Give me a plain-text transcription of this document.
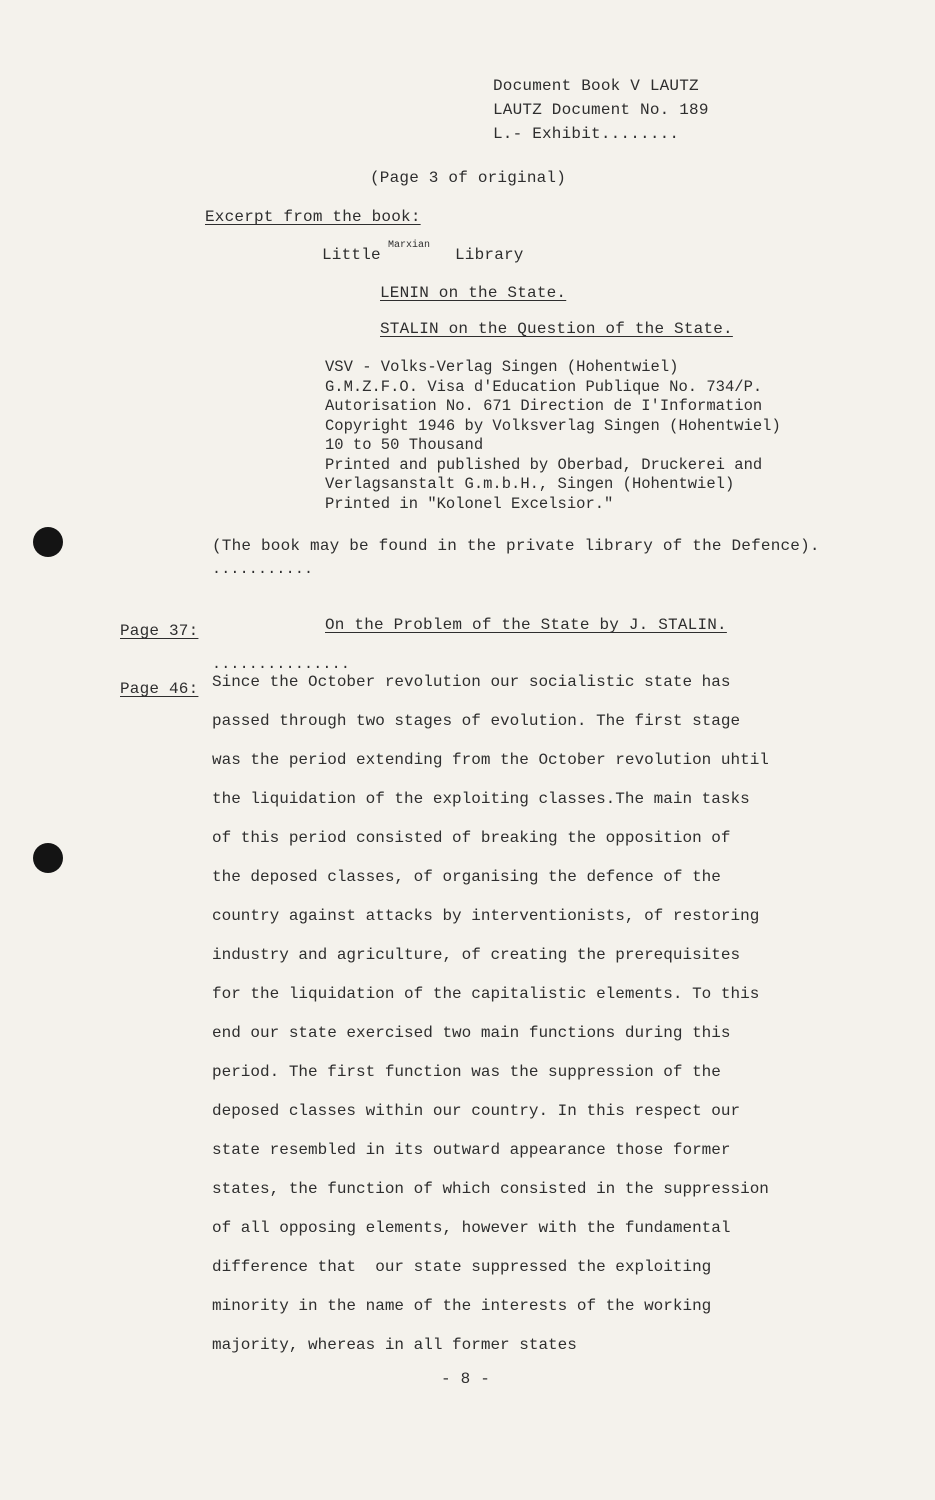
Document Book V LAUTZ
LAUTZ Document No. 189
L.- Exhibit........
(Page 3 of original)
Excerpt from the book:
Little
Marxian
Library
LENIN on the State.
STALIN on the Question of the State.
VSV - Volks-Verlag Singen (Hohentwiel)
G.M.Z.F.O. Visa d'Education Publique No. 734/P.
Autorisation No. 671 Direction de I'Information
Copyright 1946 by Volksverlag Singen (Hohentwiel)
10 to 50 Thousand
Printed and published by Oberbad, Druckerei and
Verlagsanstalt G.m.b.H., Singen (Hohentwiel)
Printed in "Kolonel Excelsior."
(The book may be found in the private library of the Defence).
...........
Page 37:	On the Problem of the State by J. STALIN.
...............
Page 46: Since the October revolution our socialistic state has
passed through two stages of evolution. The first stage
was the period extending from the October revolution uhtil
the liquidation of the exploiting classes.The main tasks
of this period consisted of breaking the opposition of
the deposed classes, of organising the defence of the
country against attacks by interventionists, of restoring
industry and agriculture, of creating the prerequisites
for the liquidation of the capitalistic elements. To this
end our state exercised two main functions during this
period. The first function was the suppression of the
deposed classes within our country. In this respect our
state resembled in its outward appearance those former
states, the function of which consisted in the suppression
of all opposing elements, however with the fundamental
difference that  our state suppressed the exploiting
minority in the name of the interests of the working
majority, whereas in all former states
- 8 -
